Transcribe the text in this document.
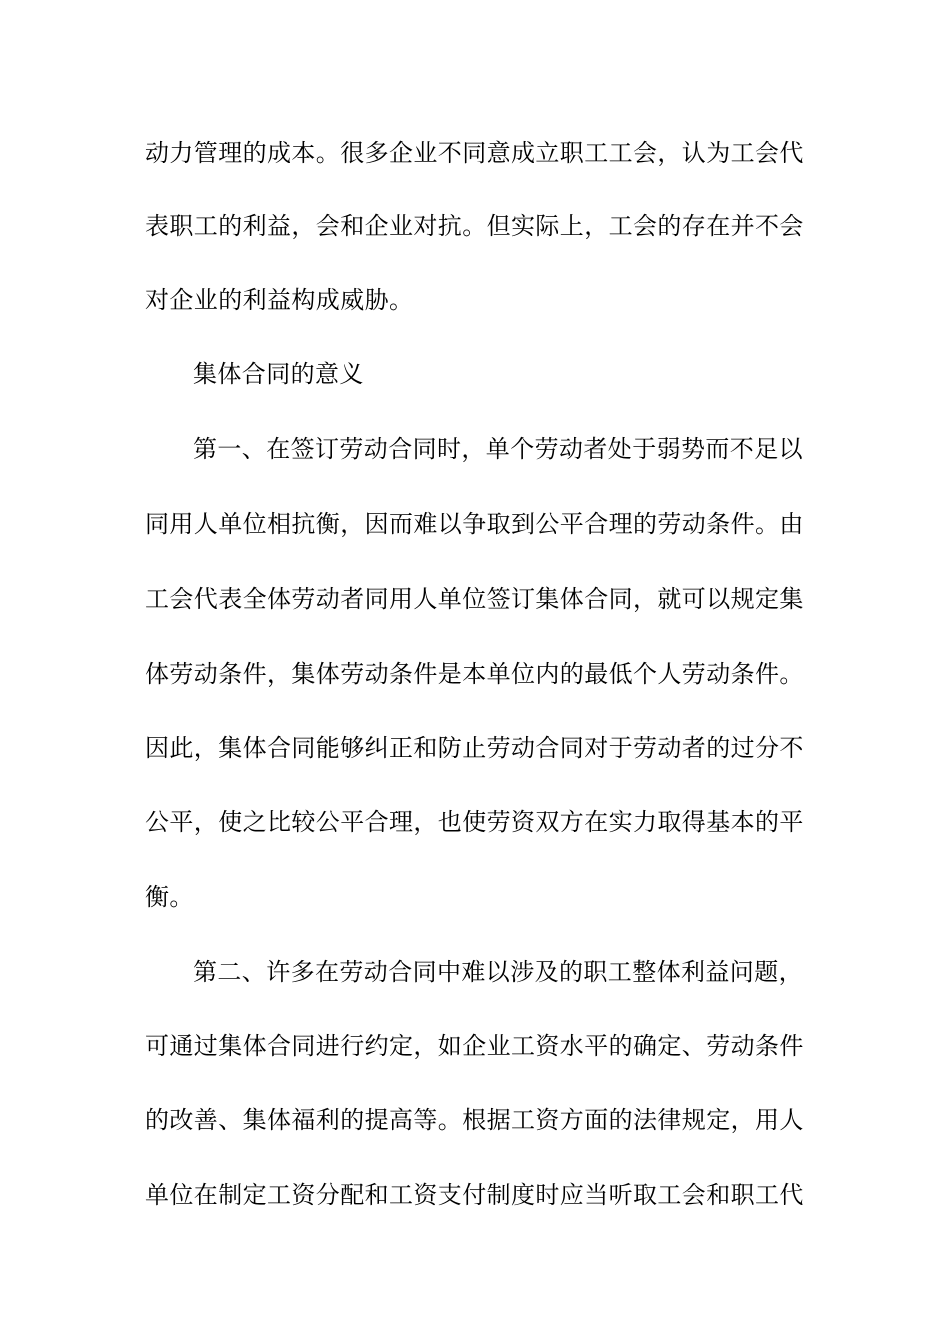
动力管理的成本。很多企业不同意成立职工工会，认为工会代
表职工的利益，会和企业对抗。但实际上，工会的存在并不会
对企业的利益构成威胁。
集体合同的意义
第一、在签订劳动合同时，单个劳动者处于弱势而不足以
同用人单位相抗衡，因而难以争取到公平合理的劳动条件。由
工会代表全体劳动者同用人单位签订集体合同，就可以规定集
体劳动条件，集体劳动条件是本单位内的最低个人劳动条件。
因此，集体合同能够纠正和防止劳动合同对于劳动者的过分不
公平，使之比较公平合理，也使劳资双方在实力取得基本的平
衡。
第二、许多在劳动合同中难以涉及的职工整体利益问题，
可通过集体合同进行约定，如企业工资水平的确定、劳动条件
的改善、集体福利的提高等。根据工资方面的法律规定，用人
单位在制定工资分配和工资支付制度时应当听取工会和职工代
